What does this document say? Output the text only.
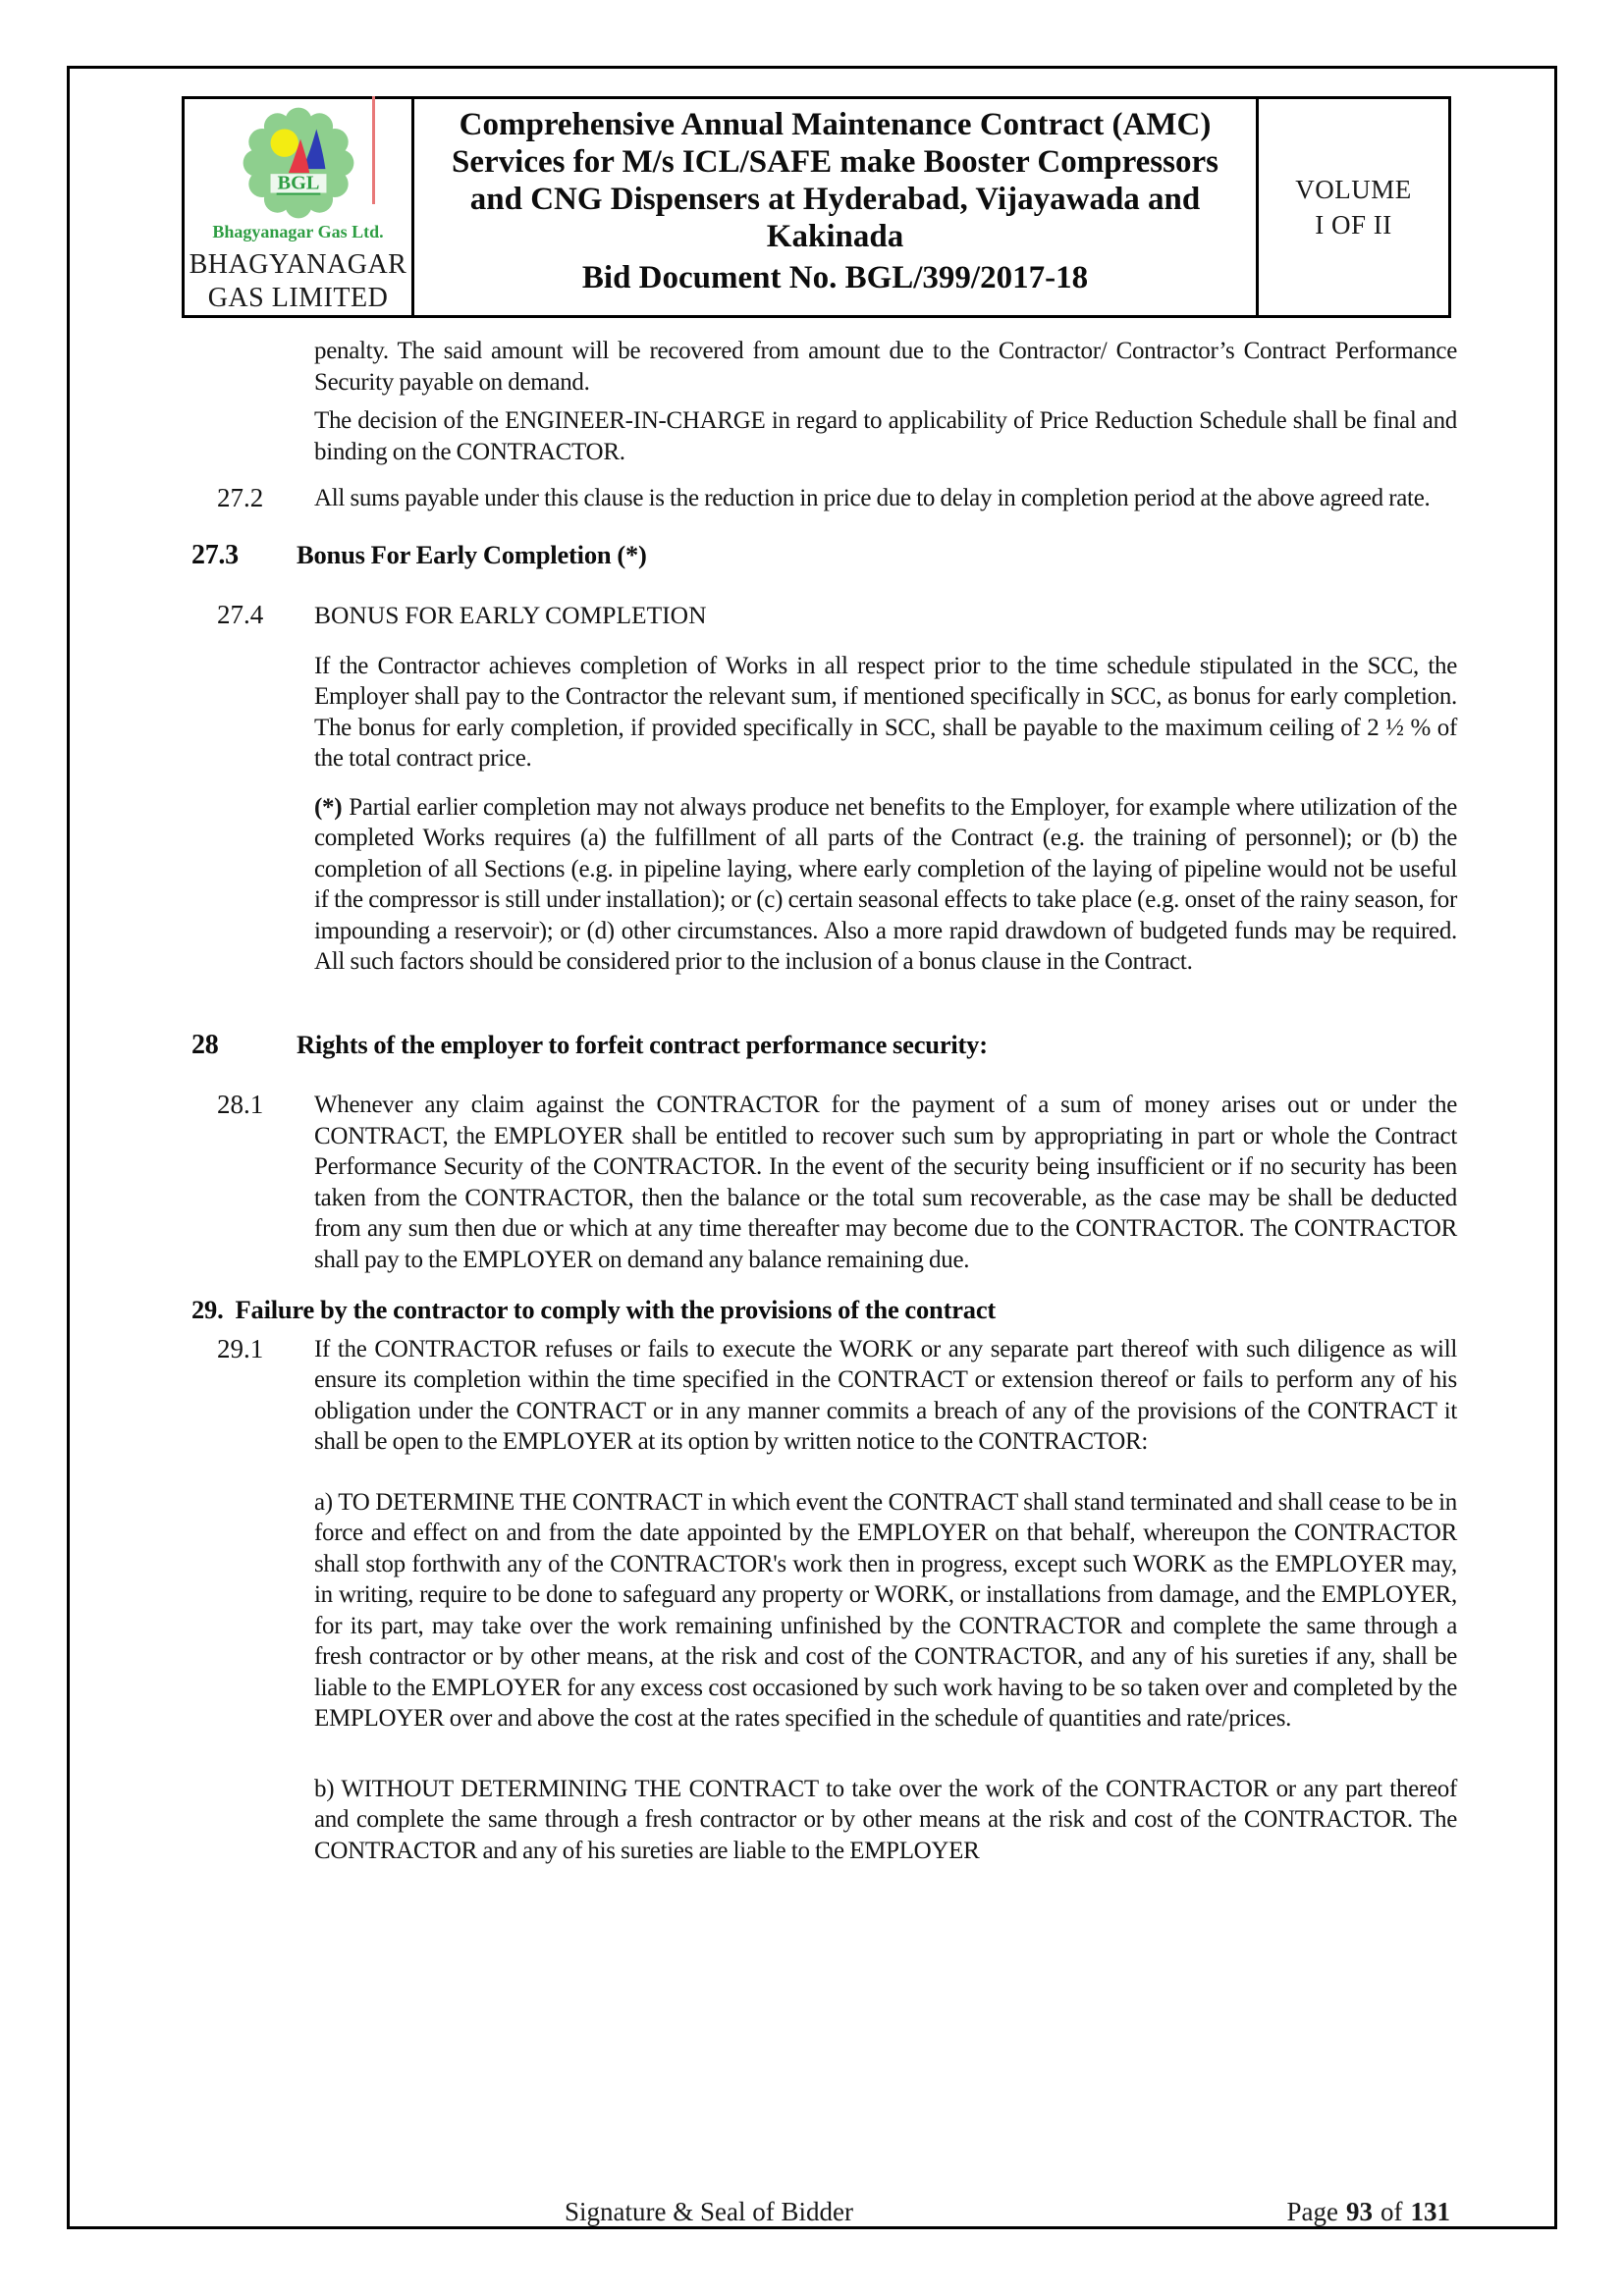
BGL
Bhagyanagar Gas Ltd.
BHAGYANAGAR
GAS LIMITED
Comprehensive Annual Maintenance Contract (AMC)
Services for M/s ICL/SAFE make Booster Compressors
and CNG Dispensers at Hyderabad, Vijayawada and
Kakinada
Bid Document No. BGL/399/2017-18
VOLUME
I OF II

penalty. The said amount will be recovered from amount due to the Contractor/ Contractor’s Contract Performance Security payable on demand.

The decision of the ENGINEER-IN-CHARGE in regard to applicability of Price Reduction Schedule shall be final and binding on the CONTRACTOR.

27.2	All sums payable under this clause is the reduction in price due to delay in completion period at the above agreed rate.
27.3	Bonus For Early Completion (*)
27.4	BONUS FOR EARLY COMPLETION

If the Contractor achieves completion of Works in all respect prior to the time schedule stipulated in the SCC, the Employer shall pay to the Contractor the relevant sum, if mentioned specifically in SCC, as bonus for early completion. The bonus for early completion, if provided specifically in SCC, shall be payable to the maximum ceiling of 2 ½ % of the total contract price.

(*) Partial earlier completion may not always produce net benefits to the Employer, for example where utilization of the completed Works requires (a) the fulfillment of all parts of the Contract (e.g. the training of personnel); or (b) the completion of all Sections (e.g. in pipeline laying, where early completion of the laying of pipeline would not be useful if the compressor is still under installation); or (c) certain seasonal effects to take place (e.g. onset of the rainy season, for impounding a reservoir); or (d) other circumstances. Also a more rapid drawdown of budgeted funds may be required. All such factors should be considered prior to the inclusion of a bonus clause in the Contract.

28	Rights of the employer to forfeit contract performance security:
28.1	Whenever any claim against the CONTRACTOR for the payment of a sum of money arises out or under the CONTRACT, the EMPLOYER shall be entitled to recover such sum by appropriating in part or whole the Contract Performance Security of the CONTRACTOR. In the event of the security being insufficient or if no security has been taken from the CONTRACTOR, then the balance or the total sum recoverable, as the case may be shall be deducted from any sum then due or which at any time thereafter may become due to the CONTRACTOR. The CONTRACTOR shall pay to the EMPLOYER on demand any balance remaining due.
29. Failure by the contractor to comply with the provisions of the contract
29.1	If the CONTRACTOR refuses or fails to execute the WORK or any separate part thereof with such diligence as will ensure its completion within the time specified in the CONTRACT or extension thereof or fails to perform any of his obligation under the CONTRACT or in any manner commits a breach of any of the provisions of the CONTRACT it shall be open to the EMPLOYER at its option by written notice to the CONTRACTOR:

a) TO DETERMINE THE CONTRACT in which event the CONTRACT shall stand terminated and shall cease to be in force and effect on and from the date appointed by the EMPLOYER on that behalf, whereupon the CONTRACTOR shall stop forthwith any of the CONTRACTOR's work then in progress, except such WORK as the EMPLOYER may, in writing, require to be done to safeguard any property or WORK, or installations from damage, and the EMPLOYER, for its part, may take over the work remaining unfinished by the CONTRACTOR and complete the same through a fresh contractor or by other means, at the risk and cost of the CONTRACTOR, and any of his sureties if any, shall be liable to the EMPLOYER for any excess cost occasioned by such work having to be so taken over and completed by the EMPLOYER over and above the cost at the rates specified in the schedule of quantities and rate/prices.

b) WITHOUT DETERMINING THE CONTRACT to take over the work of the CONTRACTOR or any part thereof and complete the same through a fresh contractor or by other means at the risk and cost of the CONTRACTOR. The CONTRACTOR and any of his sureties are liable to the EMPLOYER

Signature & Seal of Bidder	Page 93 of 131
